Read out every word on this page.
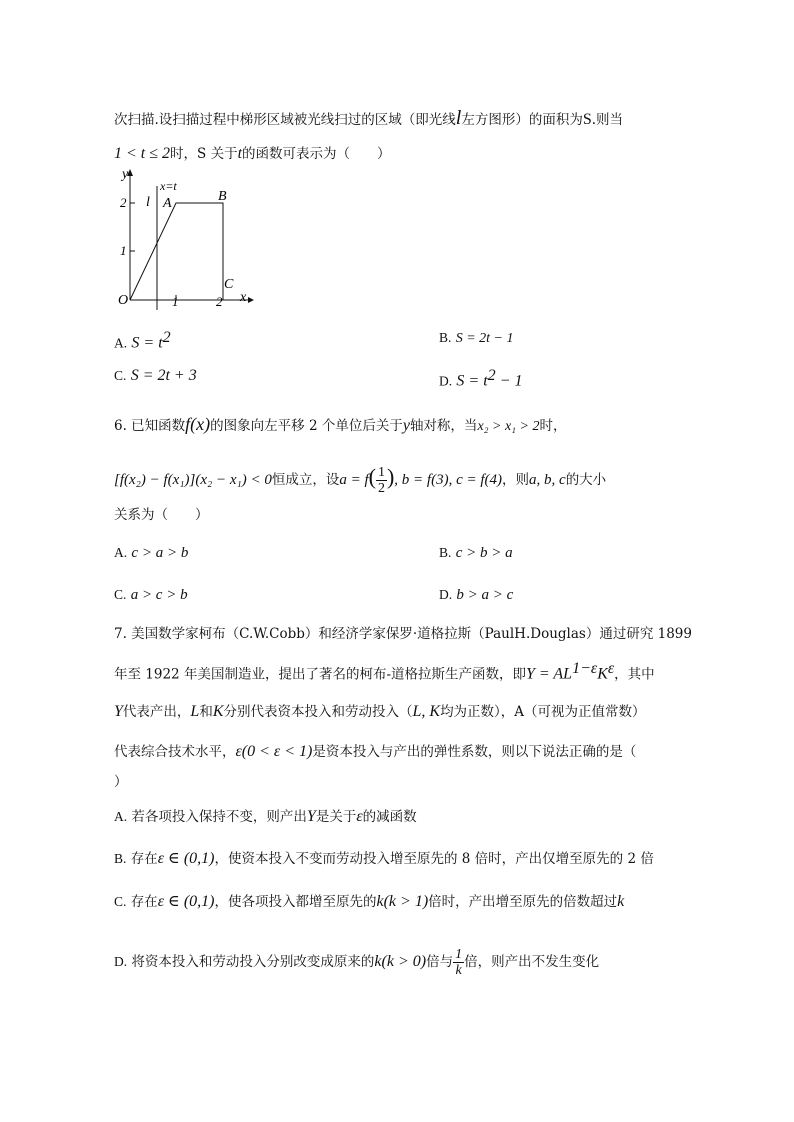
次扫描.设扫描过程中梯形区域被光线扫过的区域（即光线l左方图形）的面积为S.则当
1 < t ≤ 2时，S 关于t的函数可表示为（　　）
y
2
1
l
x=t
A	B
C
O	1	2 x
A. $S = t^2$	B. S = 2t − 1
C. S = 2t + 3	D. $S = t^2 - 1$
6. 已知函数f(x)的图象向左平移 2 个单位后关于y轴对称，当x₂ > x₁ > 2时，
[f(x₂) − f(x₁)](x₂ − x₁) < 0恒成立，设$a = f( \frac{1}{2}$ ), b = f(3), c = f(4)，则a, b, c的大小
关系为（　　）
A. c > a > b	B. c > b > a
C. a > c > b	D. b > a > c
7. 美国数学家柯布（C.W.Cobb）和经济学家保罗·道格拉斯（PaulH.Douglas）通过研究 1899
年至 1922 年美国制造业，提出了著名的柯布-道格拉斯生产函数，即$Y = AL^{1-\varepsilon}K^\varepsilon$，其中
Y代表产出，L和K分别代表资本投入和劳动投入（L, K均为正数），A（可视为正值常数）
代表综合技术水平，ε(0 < ε < 1)是资本投入与产出的弹性系数，则以下说法正确的是（
）
A. 若各项投入保持不变，则产出Y是关于ε的减函数
B. 存在ε ∈ (0,1)，使资本投入不变而劳动投入增至原先的 8 倍时，产出仅增至原先的 2 倍
C. 存在ε ∈ (0,1)，使各项投入都增至原先的k(k > 1)倍时，产出增至原先的倍数超过k
D. 将资本投入和劳动投入分别改变成原来的k(k > 0)倍与 $\frac{1}{k}$ 倍，则产出不发生变化
